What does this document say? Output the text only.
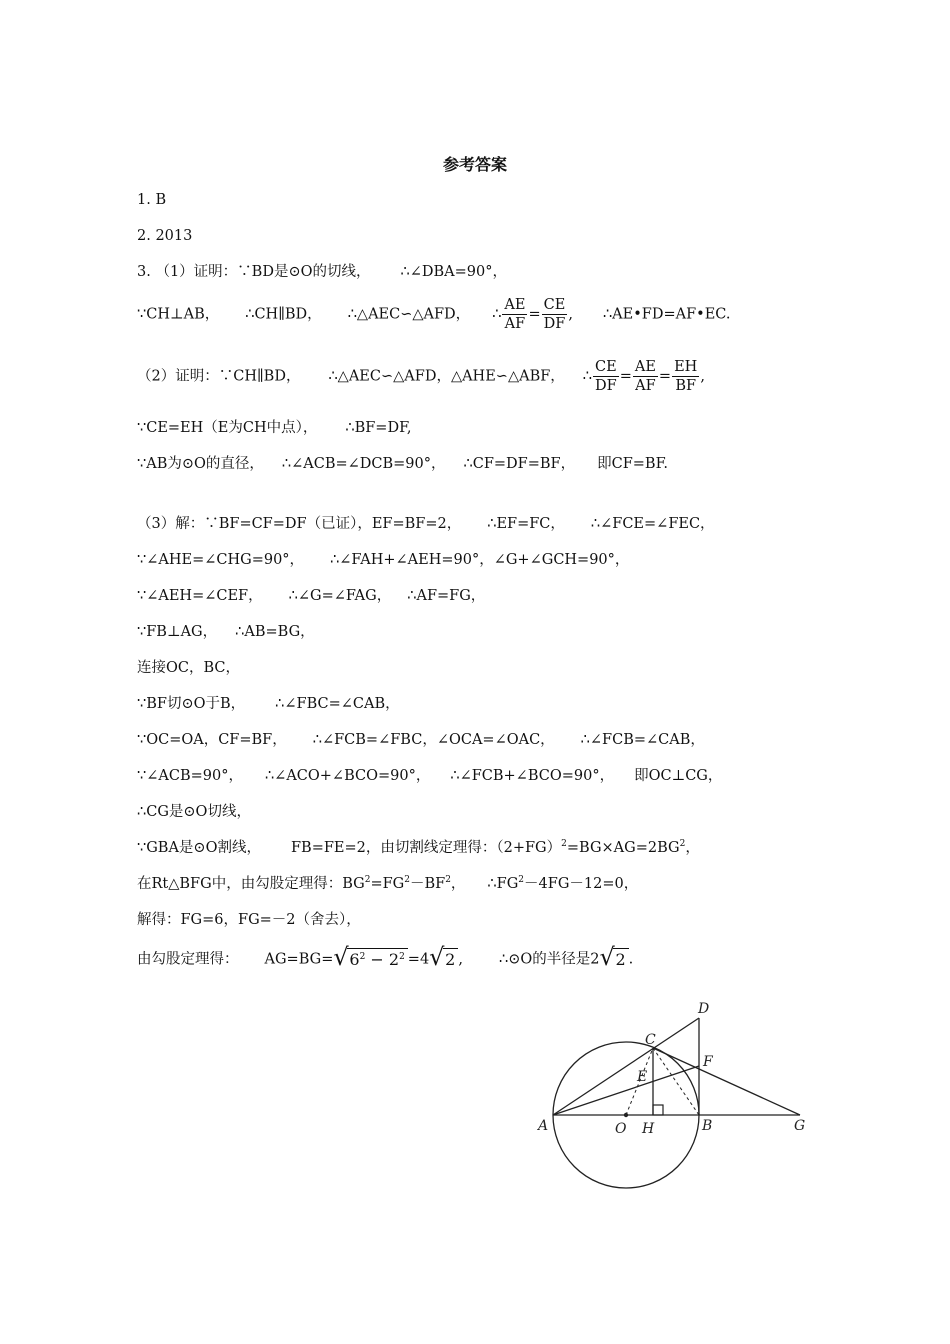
参考答案
1. B
2. 2013
3. （1）证明：∵BD是⊙O的切线， ∴∠DBA=90°，
∵CH⊥AB， ∴CH∥BD， ∴△AEC∽△AFD， ∴ $\frac{AE}{AF} = \frac{CE}{DF}$ , ∴AE•FD=AF•EC.
（2）证明：∵CH∥BD， ∴△AEC∽△AFD，△AHE∽△ABF， ∴ $\frac{CE}{DF} = \frac{AE}{AF} = \frac{EH}{BF}$ ,
∵CE=EH（E为CH中点）， ∴BF=DF,
∵AB为⊙O的直径， ∴∠ACB=∠DCB=90°， ∴CF=DF=BF， 即CF=BF.
（3）解：∵BF=CF=DF（已证），EF=BF=2， ∴EF=FC， ∴∠FCE=∠FEC，
∵∠AHE=∠CHG=90°， ∴∠FAH+∠AEH=90°，∠G+∠GCH=90°，
∵∠AEH=∠CEF， ∴∠G=∠FAG， ∴AF=FG，
∵FB⊥AG， ∴AB=BG，
连接OC，BC，
∵BF切⊙O于B， ∴∠FBC=∠CAB，
∵OC=OA，CF=BF， ∴∠FCB=∠FBC，∠OCA=∠OAC， ∴∠FCB=∠CAB，
∵∠ACB=90°， ∴∠ACO+∠BCO=90°， ∴∠FCB+∠BCO=90°， 即OC⊥CG，
∴CG是⊙O切线，
∵GBA是⊙O割线， FB=FE=2，由切割线定理得：$(2+FG)^2=BG\times AG=2BG^2$，
在Rt△BFG中，由勾股定理得：$BG^2=FG^2-BF^2$， $\therefore FG^2-4FG-12=0$，
解得：FG=6，FG=－2（舍去），
由勾股定理得： AG=BG= √ $6^2 - 2^2 =4$ √ 2 , ∴⊙O的半径是2 √ 2 .
A	O H	B	G
C
E
F
D
